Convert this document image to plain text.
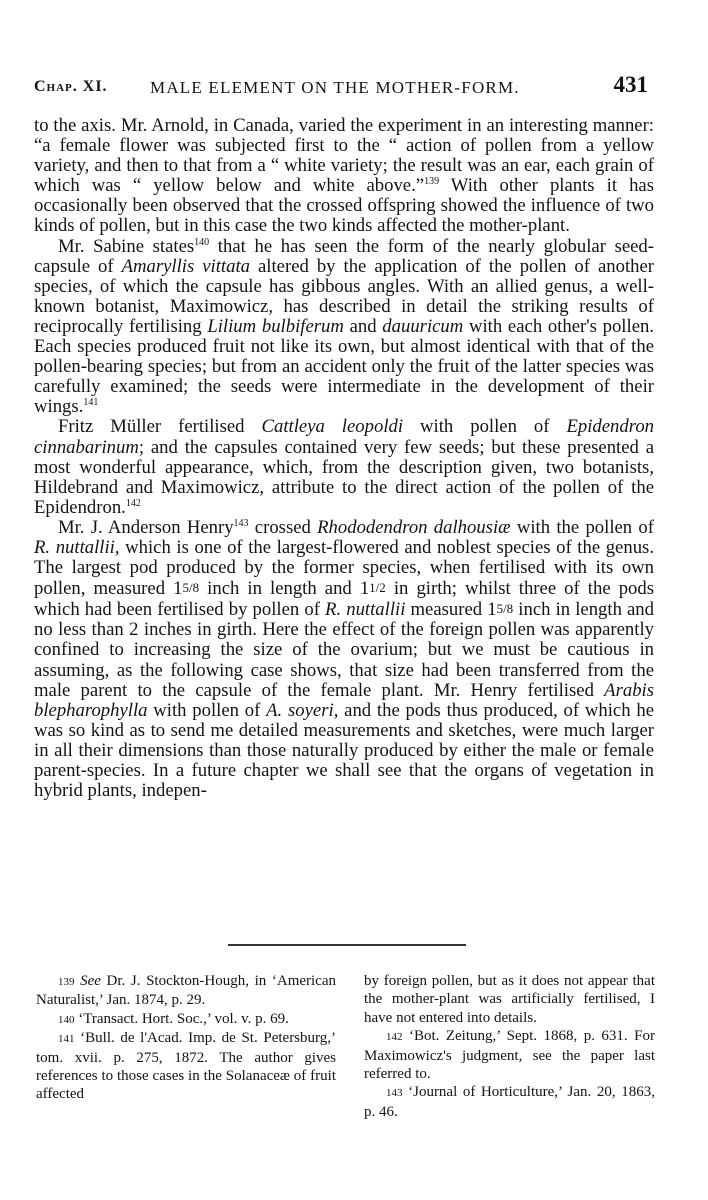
Chap. XI. MALE ELEMENT ON THE MOTHER-FORM.	431

to the axis. Mr. Arnold, in Canada, varied the experiment in an interesting manner: “a female flower was subjected first to the “ action of pollen from a yellow variety, and then to that from a “ white variety; the result was an ear, each grain of which was “ yellow below and white above.”$^{139}$ With other plants it has occasionally been observed that the crossed offspring showed the influence of two kinds of pollen, but in this case the two kinds affected the mother-plant.

Mr. Sabine states$^{140}$ that he has seen the form of the nearly globular seed-capsule of Amaryllis vittata altered by the application of the pollen of another species, of which the capsule has gibbous angles. With an allied genus, a well-known botanist, Maximowicz, has described in detail the striking results of reciprocally fertilising Lilium bulbiferum and dauuricum with each other's pollen. Each species produced fruit not like its own, but almost identical with that of the pollen-bearing species; but from an accident only the fruit of the latter species was carefully examined; the seeds were intermediate in the development of their wings.$^{141}$

Fritz Müller fertilised Cattleya leopoldi with pollen of Epidendron cinnabarinum; and the capsules contained very few seeds; but these presented a most wonderful appearance, which, from the description given, two botanists, Hildebrand and Maximowicz, attribute to the direct action of the pollen of the Epidendron.$^{142}$

Mr. J. Anderson Henry$^{143}$ crossed Rhododendron dalhousiæ with the pollen of R. nuttallii, which is one of the largest-flowered and noblest species of the genus. The largest pod produced by the former species, when fertilised with its own pollen, measured 15/8 inch in length and 11/2 in girth; whilst three of the pods which had been fertilised by pollen of R. nuttallii measured 15/8 inch in length and no less than 2 inches in girth. Here the effect of the foreign pollen was apparently confined to increasing the size of the ovarium; but we must be cautious in assuming, as the following case shows, that size had been transferred from the male parent to the capsule of the female plant. Mr. Henry fertilised Arabis blepharophylla with pollen of A. soyeri, and the pods thus produced, of which he was so kind as to send me detailed measurements and sketches, were much larger in all their dimensions than those naturally produced by either the male or female parent-species. In a future chapter we shall see that the organs of vegetation in hybrid plants, indepen-

139 See Dr. J. Stockton-Hough, in ‘American Naturalist,’ Jan. 1874, p. 29.

140 ‘Transact. Hort. Soc.,’ vol. v. p. 69.

141 ‘Bull. de l'Acad. Imp. de St. Petersburg,’ tom. xvii. p. 275, 1872. The author gives references to those cases in the Solanaceæ of fruit affected

by foreign pollen, but as it does not appear that the mother-plant was artificially fertilised, I have not entered into details.

142 ‘Bot. Zeitung,’ Sept. 1868, p. 631. For Maximowicz's judgment, see the paper last referred to.

143 ‘Journal of Horticulture,’ Jan. 20, 1863, p. 46.
